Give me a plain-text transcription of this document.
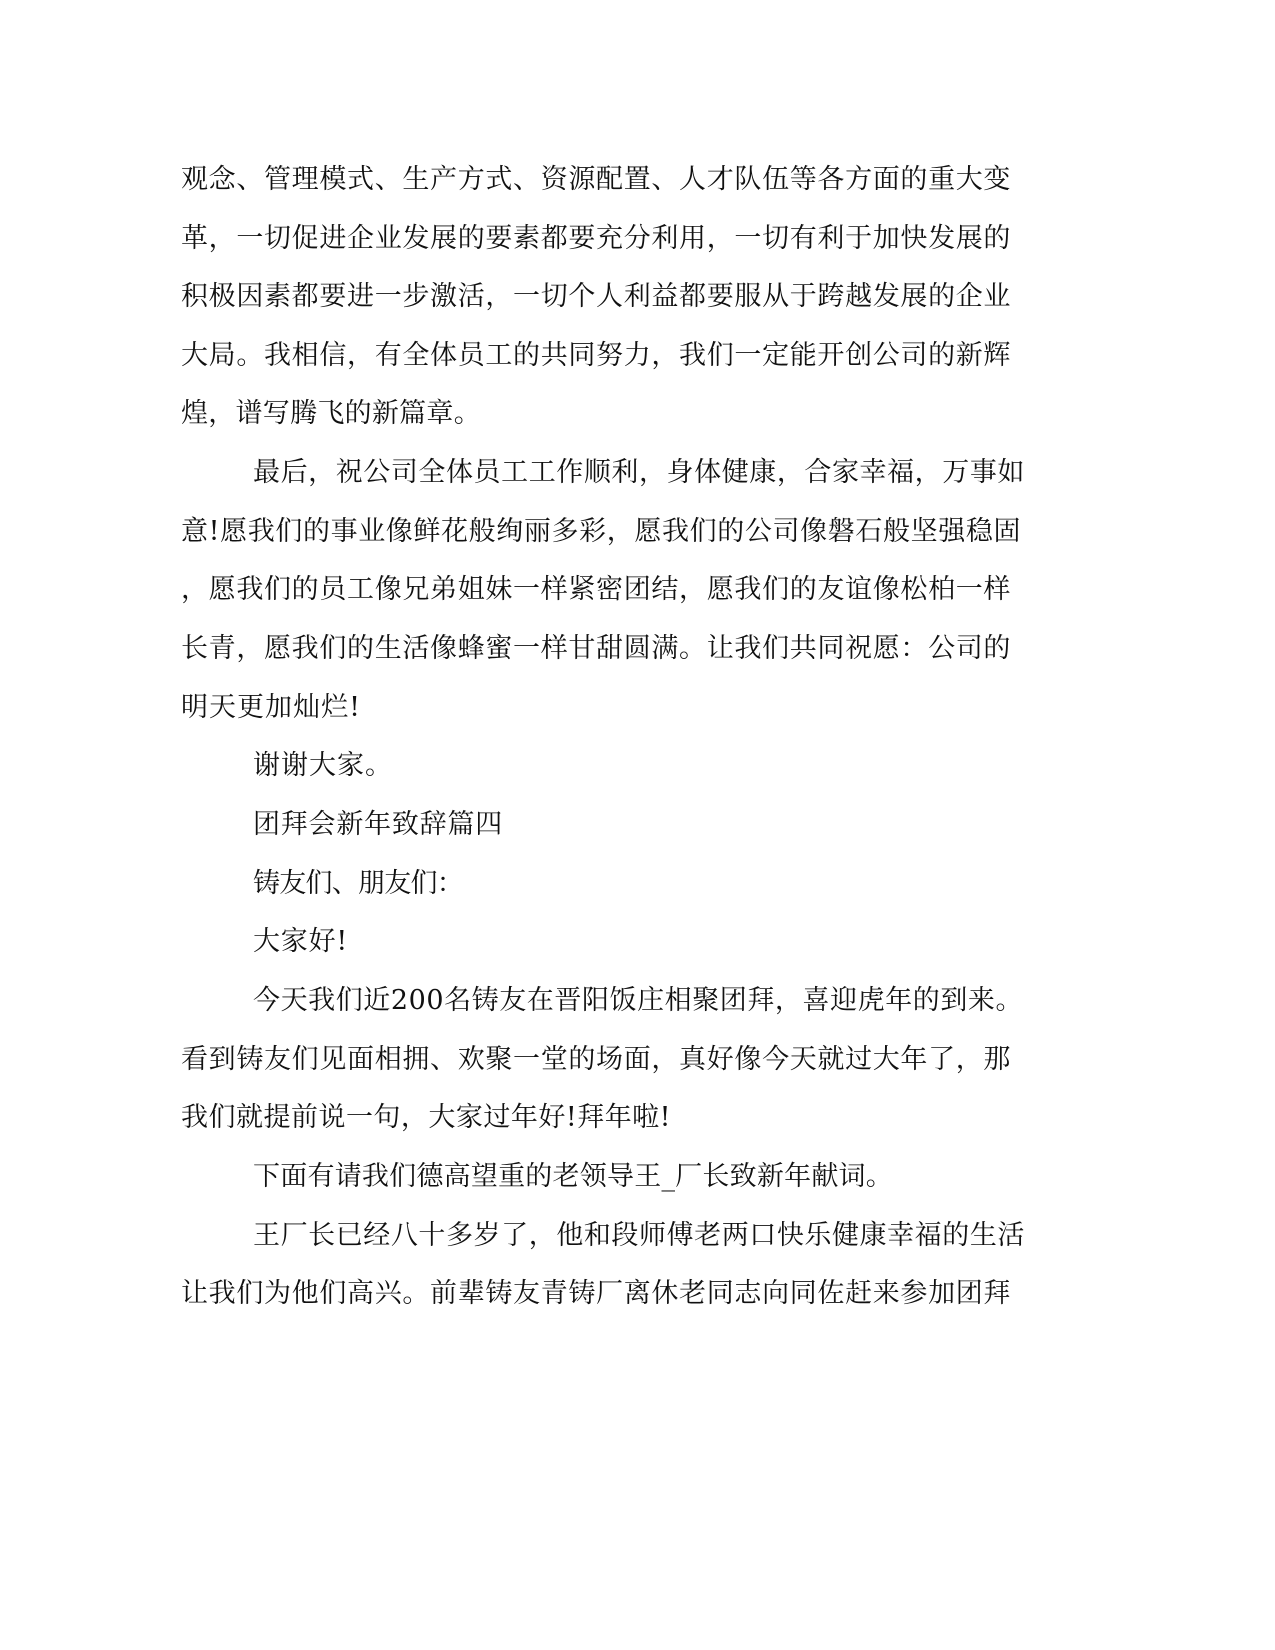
观念、管理模式、生产方式、资源配置、人才队伍等各方面的重大变
革，一切促进企业发展的要素都要充分利用，一切有利于加快发展的
积极因素都要进一步激活，一切个人利益都要服从于跨越发展的企业
大局。我相信，有全体员工的共同努力，我们一定能开创公司的新辉
煌，谱写腾飞的新篇章。
最后，祝公司全体员工工作顺利，身体健康，合家幸福，万事如
意!愿我们的事业像鲜花般绚丽多彩，愿我们的公司像磐石般坚强稳固
，愿我们的员工像兄弟姐妹一样紧密团结，愿我们的友谊像松柏一样
长青，愿我们的生活像蜂蜜一样甘甜圆满。让我们共同祝愿：公司的
明天更加灿烂!
谢谢大家。
团拜会新年致辞篇四
铸友们、朋友们：
大家好!
今天我们近200名铸友在晋阳饭庄相聚团拜，喜迎虎年的到来。
看到铸友们见面相拥、欢聚一堂的场面，真好像今天就过大年了，那
我们就提前说一句，大家过年好!拜年啦!
下面有请我们德高望重的老领导王_厂长致新年献词。
王厂长已经八十多岁了，他和段师傅老两口快乐健康幸福的生活
让我们为他们高兴。前辈铸友青铸厂离休老同志向同佐赶来参加团拜
